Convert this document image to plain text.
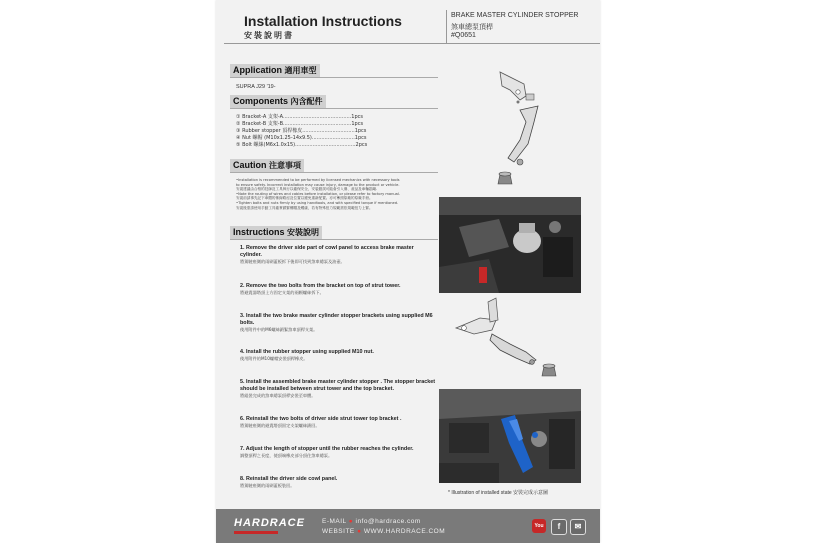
Installation Instructions
安裝說明書
BRAKE MASTER CYLINDER STOPPER
煞車總泵頂桿
#Q0651
Application 適用車型
SUPRA J29 '19-
Components 內含配件
① Bracket-A 支架-A...........................................1pcs
② Bracket-B 支架-B...........................................1pcs
③ Rubber stopper 頂桿橡皮.................................1pcs
④ Nut 螺帽 (M10x1.25-14x9.5)...........................1pcs
⑤ Bolt 螺絲(M6x1.0x15)......................................2pcs
Caution 注意事項
•Installation is recommended to be performed by licensed mechanics with necessary tools
to ensure safety. Incorrect installation may cause injury, damage to the product or vehicle.
安裝建議由合格的技師及工具執行以確保安全，安裝錯誤可能會引入傷、產品及車輛損壞.
•Note the routing of wires and cables before installation, or please refer to factory manual.
安裝前請事先記下車體的佈線路徑及位置以避免重新配置。亦可參照原廠的原廠手冊。
•Tighten bolts and nuts firmly by using handtools, and with specified torque if mentioned.
安裝後需請使用手動工具確實鎖緊螺帽及螺絲，若有特殊扭力規範需依規範扭力上緊。
Instructions 安裝說明
1. Remove the driver side part of cowl panel to access brake master cylinder.
將駕駛座側的雨刷蓋板拆下後即可找到煞車總泵及油壺。
2. Remove the two bolts from the bracket on top of strut tower.
將避震器塔頂上方固定支架的兩顆螺絲拆下。
3. Install the two brake master cylinder stopper brackets using supplied M6 bolts.
使用附件中的M6螺絲鎖緊煞車頂桿支架。
4. Install the rubber stopper using supplied M10 nut.
使用附件的M10螺帽安裝頂桿橡皮。
5. Install the assembled brake master cylinder stopper . The stopper bracket should be installed between strut tower and the top bracket.
將組裝完成的煞車總泵頂桿安裝至車體。
6. Reinstall the two bolts of driver side strut tower top bracket .
將駕駛座側的避震塔頂固定支架螺絲鎖回。
7. Adjust the length of stopper until the rubber reaches the cylinder.
調整頂桿之長度，使頂端橡皮部分頂住煞車總泵。
8. Reinstall the driver side cowl panel.
將駕駛座側的雨刷蓋板裝回。
* Illustration of installed state 安裝完成示意圖
HARDRACE	E-MAIL ● info@hardrace.com
WEBSITE ● WWW.HARDRACE.COM
You	f	✉
